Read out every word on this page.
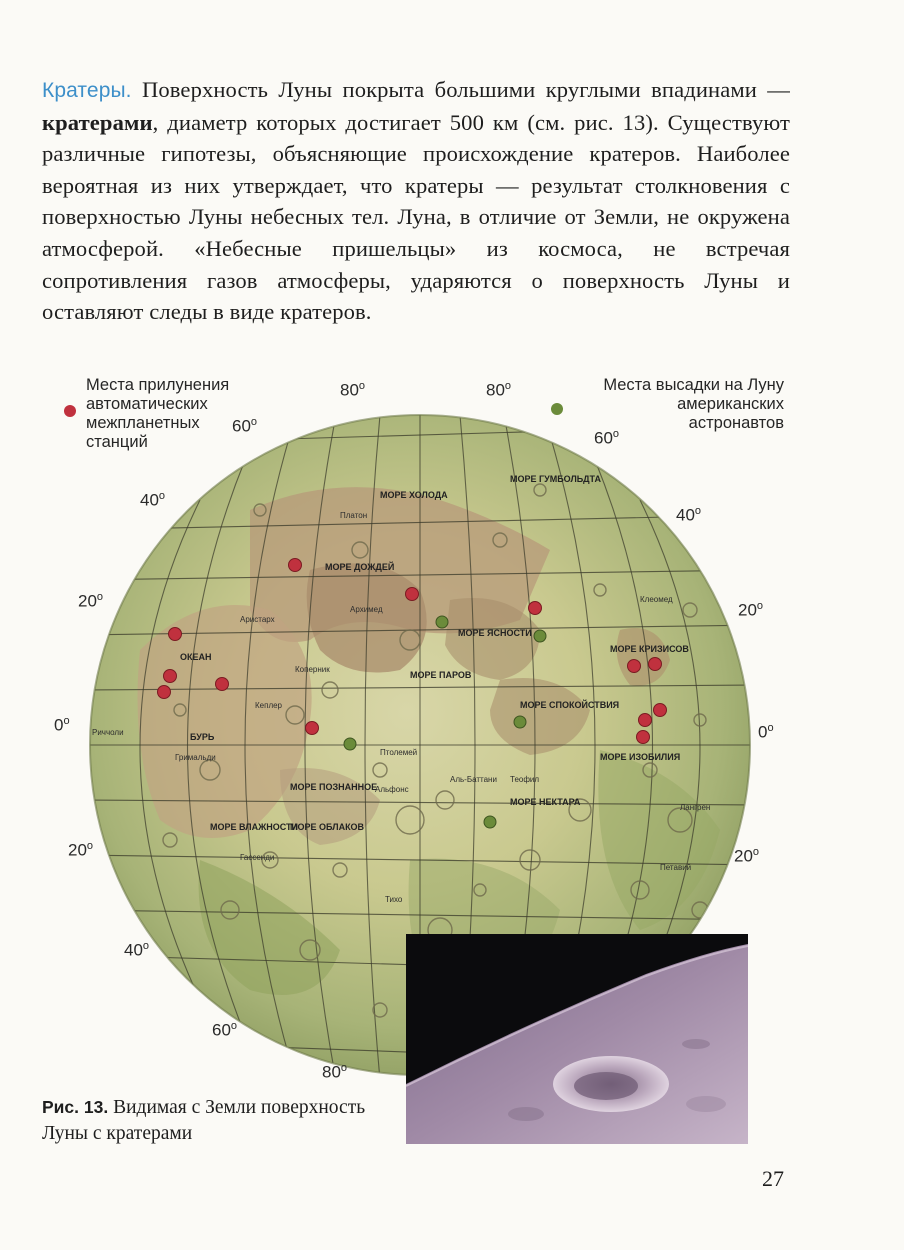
Кратеры. Поверхность Луны покрыта большими круглыми впадинами — кратерами, диаметр которых достигает 500 км (см. рис. 13). Существуют различные гипотезы, объясняющие происхождение кратеров. Наиболее вероятная из них утверждает, что кратеры — результат столкновения с поверхностью Луны небесных тел. Луна, в отличие от Земли, не окружена атмосферой. «Небесные пришельцы» из космоса, не встречая сопротивления газов атмосферы, ударяются о поверхность Луны и оставляют следы в виде кратеров.
Места прилунения
автоматических
межпланетных
станций
Места высадки на Луну
американских
астронавтов
МОРЕ ХОЛОДА
МОРЕ ДОЖДЕЙ
МОРЕ ЯСНОСТИ
МОРЕ СПОКОЙСТВИЯ
МОРЕ КРИЗИСОВ
ОКЕАН
БУРЬ
МОРЕ ОБЛАКОВ
МОРЕ ВЛАЖНОСТИ
МОРЕ НЕКТАРА
МОРЕ ИЗОБИЛИЯ
МОРЕ ГУМБОЛЬДТА
МОРЕ ПАРОВ
МОРЕ ПОЗНАННОЕ
Архимед
Аристарх
Кеплер
Коперник
Птолемей
Альфонс
Аль-Баттани
Тихо
Платон
Гримальди
Риччоли
Петавий
Лангрен
Клеомед
Гассенди
Теофил
$80^о$	$80^о$
$60^о$
$60^о$
$40^о$
$40^о$
$20^о$
$20^о$
$0^о$
$0^о$
$20^о$
$20^о$
$40^о$
$60^о$
$80^о$
Рис. 13. Видимая с Земли поверхность Луны с кратерами
27
